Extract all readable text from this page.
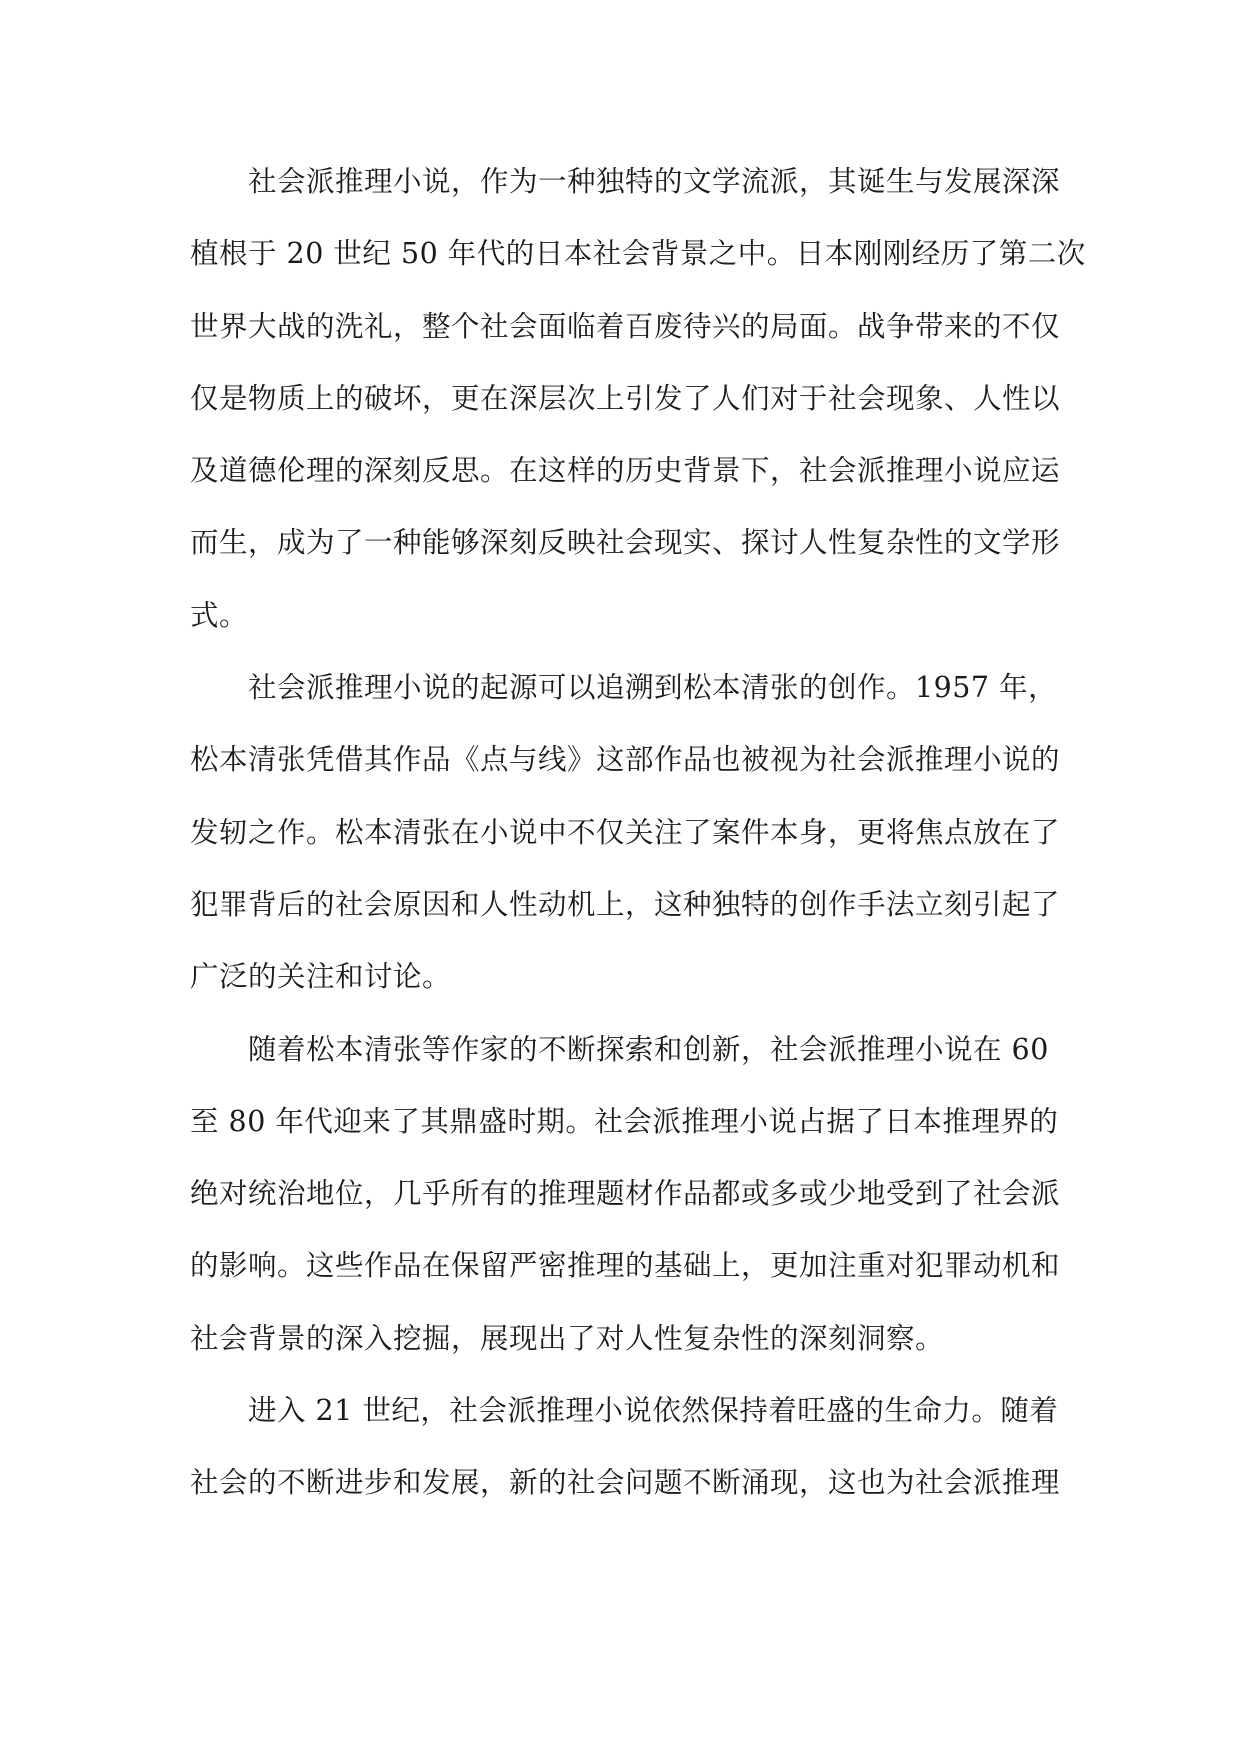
社会派推理小说，作为一种独特的文学流派，其诞生与发展深深
植根于 20 世纪 50 年代的日本社会背景之中。日本刚刚经历了第二次
世界大战的洗礼，整个社会面临着百废待兴的局面。战争带来的不仅
仅是物质上的破坏，更在深层次上引发了人们对于社会现象、人性以
及道德伦理的深刻反思。在这样的历史背景下，社会派推理小说应运
而生，成为了一种能够深刻反映社会现实、探讨人性复杂性的文学形
式。
社会派推理小说的起源可以追溯到松本清张的创作。1957 年，
松本清张凭借其作品《点与线》这部作品也被视为社会派推理小说的
发轫之作。松本清张在小说中不仅关注了案件本身，更将焦点放在了
犯罪背后的社会原因和人性动机上，这种独特的创作手法立刻引起了
广泛的关注和讨论。
随着松本清张等作家的不断探索和创新，社会派推理小说在 60
至 80 年代迎来了其鼎盛时期。社会派推理小说占据了日本推理界的
绝对统治地位，几乎所有的推理题材作品都或多或少地受到了社会派
的影响。这些作品在保留严密推理的基础上，更加注重对犯罪动机和
社会背景的深入挖掘，展现出了对人性复杂性的深刻洞察。
进入 21 世纪，社会派推理小说依然保持着旺盛的生命力。随着
社会的不断进步和发展，新的社会问题不断涌现，这也为社会派推理
